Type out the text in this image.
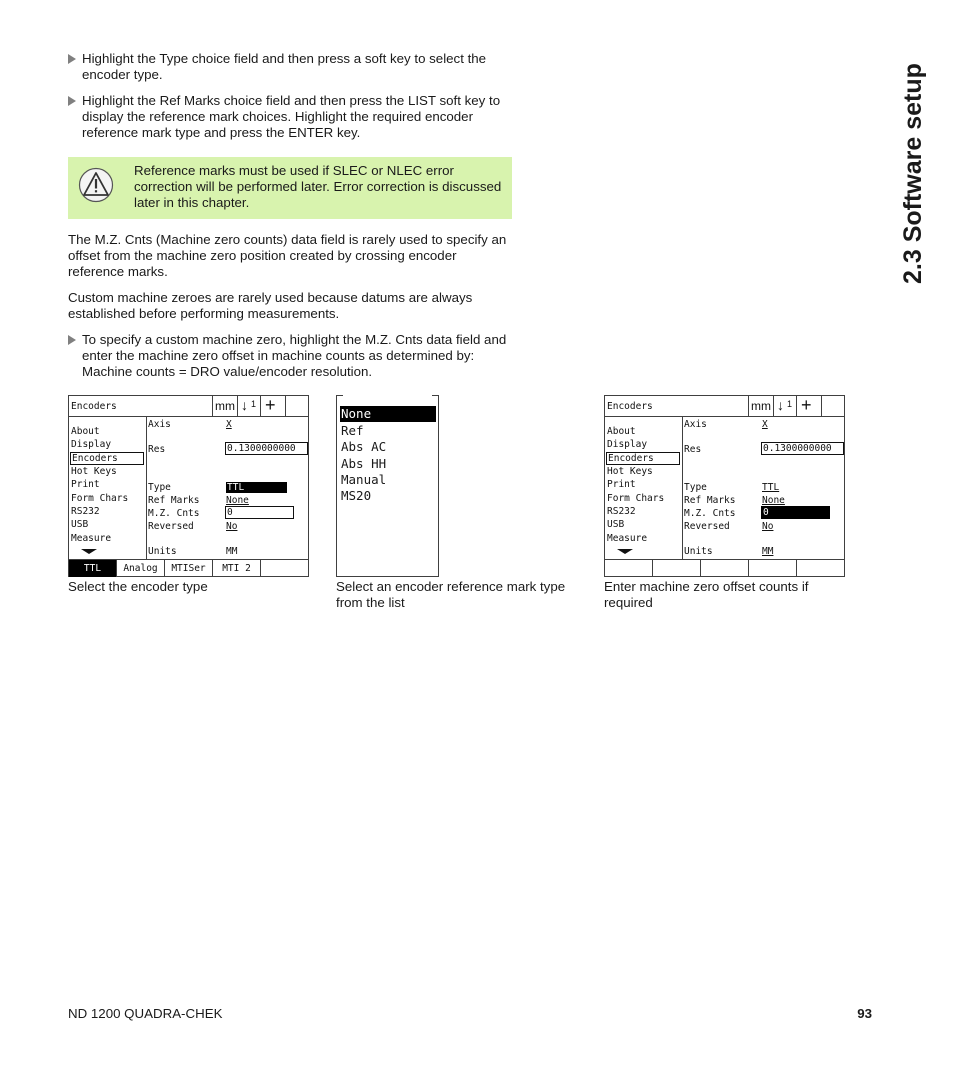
2.3 Software setup
Highlight the Type choice field and then press a soft key to select the encoder type.
Highlight the Ref Marks choice field and then press the LIST soft key to display the reference mark choices. Highlight the required encoder reference mark type and press the ENTER key.
Reference marks must be used if SLEC or NLEC error correction will be performed later. Error correction is discussed later in this chapter.

The M.Z. Cnts (Machine zero counts) data field is rarely used to specify an offset from the machine zero position created by crossing encoder reference marks.

Custom machine zeroes are rarely used because datums are always established before performing measurements.

To specify a custom machine zero, highlight the M.Z. Cnts data field and enter the machine zero offset in machine counts as determined by: Machine counts = DRO value/encoder resolution.
Encoders	mm ↓ 1 +
About
Display
Encoders
Hot Keys
Print
Form Chars
RS232
USB
Measure
Axis	X
Res	0.1300000000
Type	TTL
Ref Marks	None
M.Z. Cnts	0
Reversed	No
Units	MM
TTL	Analog	MTISer	MTI 2
None
Ref
Abs AC
Abs HH
Manual
MS20
Encoders	mm ↓ 1 +
About
Display
Encoders
Hot Keys
Print
Form Chars
RS232
USB
Measure
Axis	X
Res	0.1300000000
Type	TTL
Ref Marks	None
M.Z. Cnts	0
Reversed	No
Units	MM
Select the encoder type	Select an encoder reference mark type from the list
Enter machine zero offset counts if required
ND 1200 QUADRA-CHEK	93
